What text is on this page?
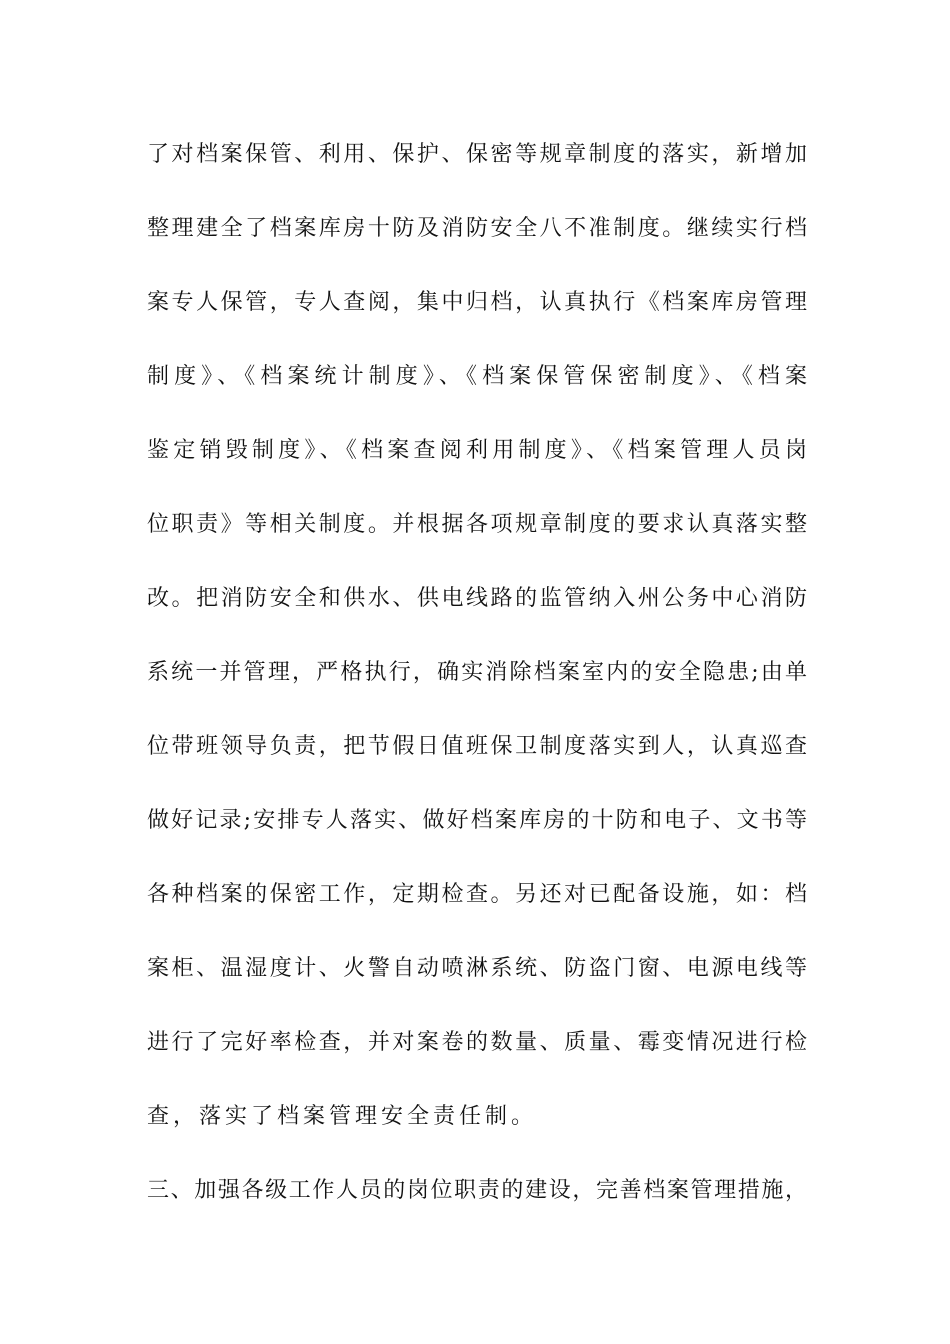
了对档案保管、利用、保护、保密等规章制度的落实，新增加
整理建全了档案库房十防及消防安全八不准制度。继续实行档
案专人保管，专人查阅，集中归档，认真执行《档案库房管理
制度》、《档案统计制度》、《档案保管保密制度》、《档案
鉴定销毁制度》、《档案查阅利用制度》、《档案管理人员岗
位职责》等相关制度。并根据各项规章制度的要求认真落实整
改。把消防安全和供水、供电线路的监管纳入州公务中心消防
系统一并管理，严格执行，确实消除档案室内的安全隐患;由单
位带班领导负责，把节假日值班保卫制度落实到人，认真巡查
做好记录;安排专人落实、做好档案库房的十防和电子、文书等
各种档案的保密工作，定期检查。另还对已配备设施，如：档
案柜、温湿度计、火警自动喷淋系统、防盗门窗、电源电线等
进行了完好率检查，并对案卷的数量、质量、霉变情况进行检
查，落实了档案管理安全责任制。
三、加强各级工作人员的岗位职责的建设，完善档案管理措施，
